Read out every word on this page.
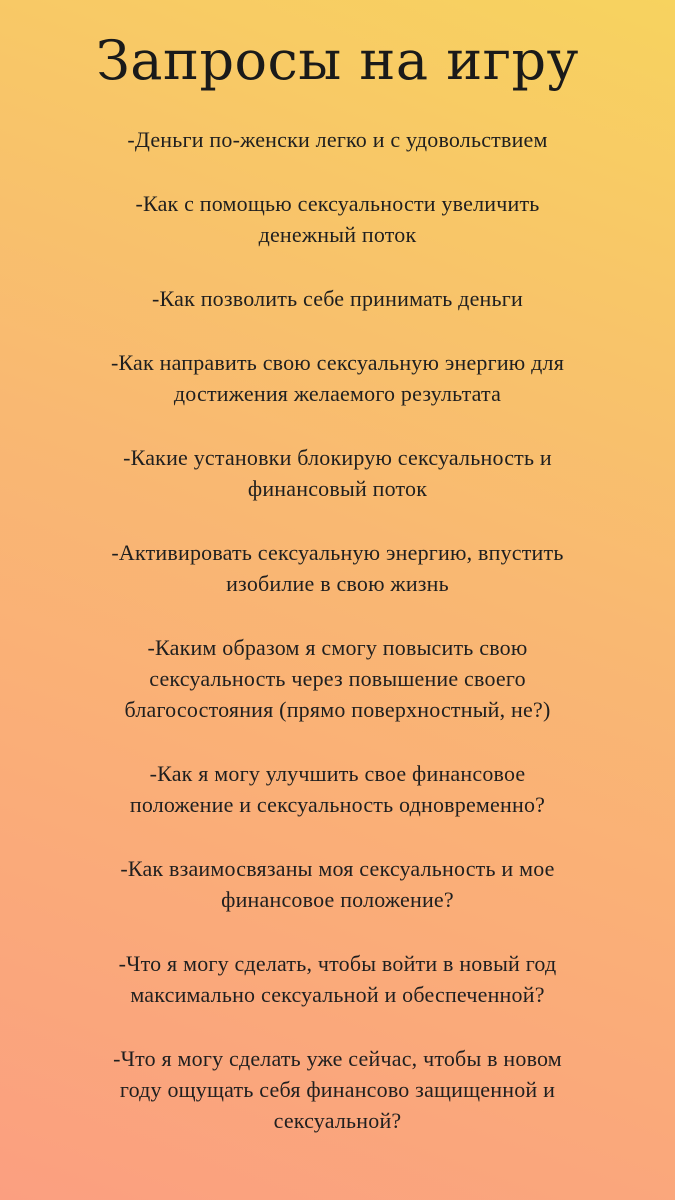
Запросы на игру
-Деньги по-женски легко и с удовольствием
-Как с помощью сексуальности увеличить
денежный поток
-Как позволить себе принимать деньги
-Как направить свою сексуальную энергию для
достижения желаемого результата
-Какие установки блокирую сексуальность и
финансовый поток
-Активировать сексуальную энергию, впустить
изобилие в свою жизнь
-Каким образом я смогу повысить свою
сексуальность через повышение своего
благосостояния (прямо поверхностный, не?)
-Как я могу улучшить свое финансовое
положение и сексуальность одновременно?
-Как взаимосвязаны моя сексуальность и мое
финансовое положение?
-Что я могу сделать, чтобы войти в новый год
максимально сексуальной и обеспеченной?
-Что я могу сделать уже сейчас, чтобы в новом
году ощущать себя финансово защищенной и
сексуальной?
